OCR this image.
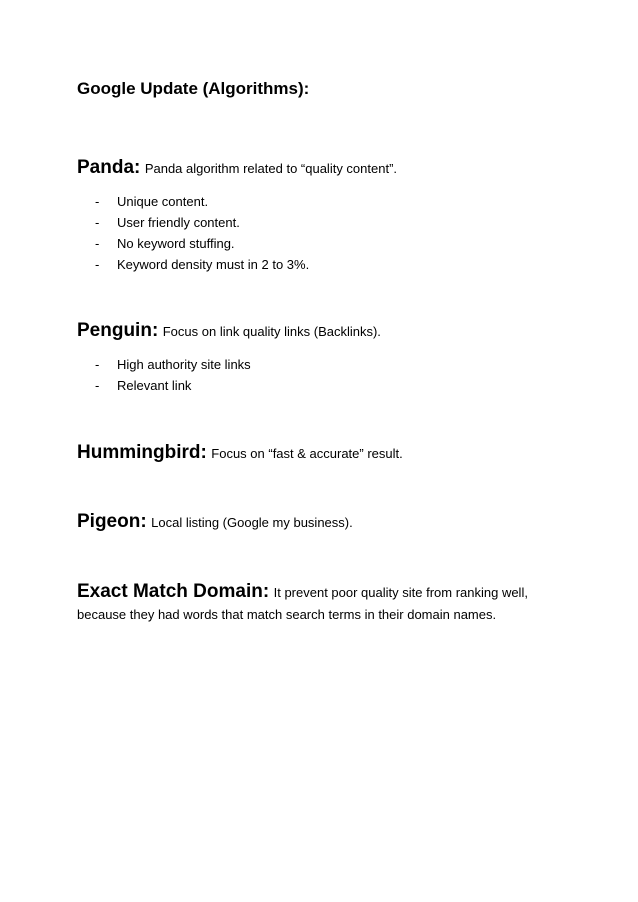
Google Update (Algorithms):

Panda: Panda algorithm related to “quality content”.

- Unique content.
- User friendly content.
- No keyword stuffing.
- Keyword density must in 2 to 3%.

Penguin: Focus on link quality links (Backlinks).

- High authority site links
- Relevant link

Hummingbird: Focus on “fast & accurate” result.

Pigeon: Local listing (Google my business).

Exact Match Domain: It prevent poor quality site from ranking well,

because they had words that match search terms in their domain names.
